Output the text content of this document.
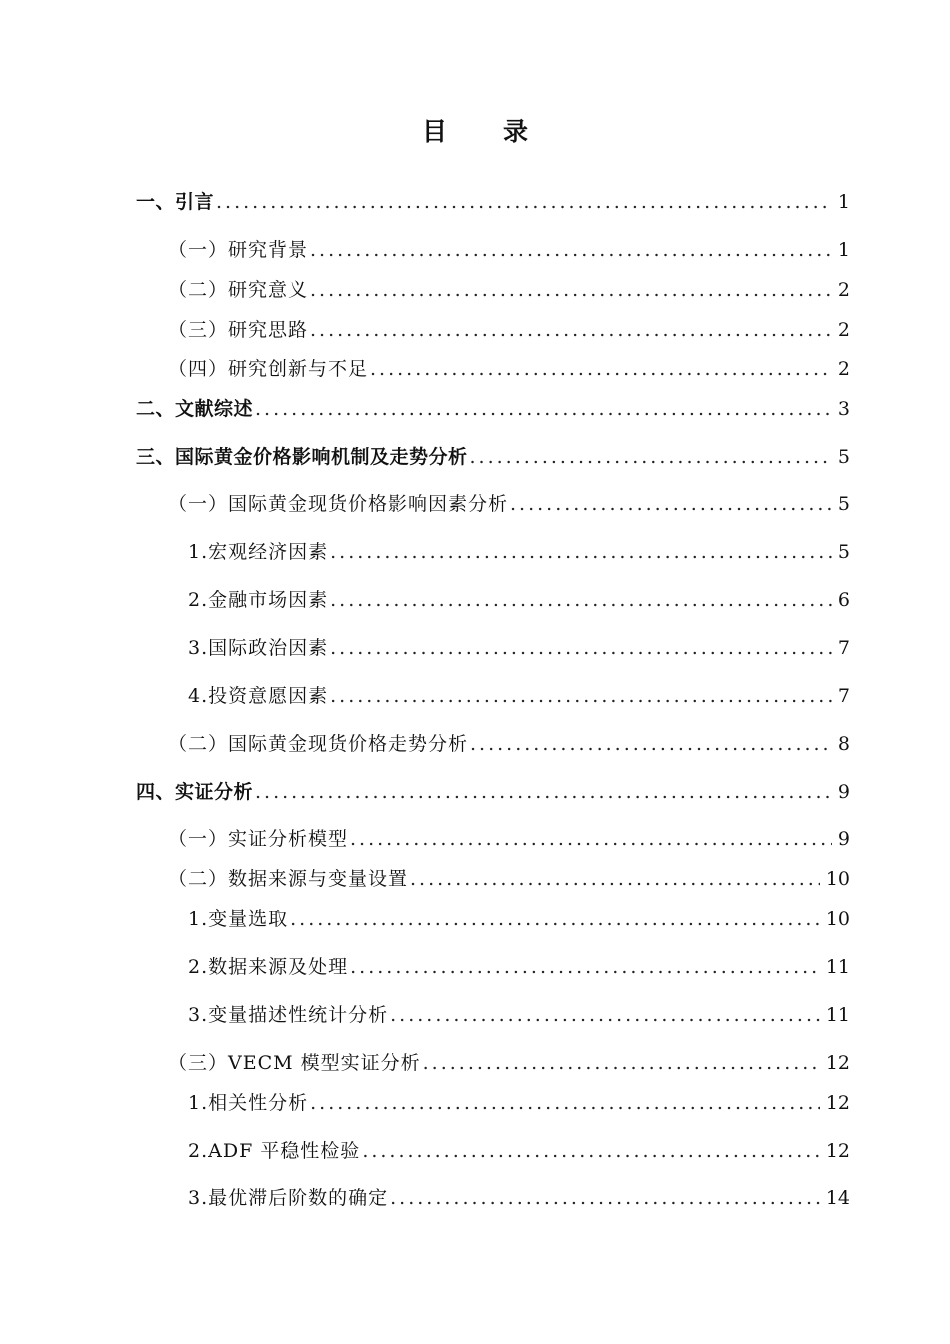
目 录
一、引言 .....	1
（一）研究背景 .....	1
（二）研究意义 .....	2
（三）研究思路 .....	2
（四）研究创新与不足 .....	2
二、文献综述 .....	3
三、国际黄金价格影响机制及走势分析 .....	5
（一）国际黄金现货价格影响因素分析 .....	5
1.宏观经济因素 .....	5
2.金融市场因素 .....	6
3.国际政治因素 .....	7
4.投资意愿因素 .....	7
（二）国际黄金现货价格走势分析 .....	8
四、实证分析 .....	9
（一）实证分析模型 .....	9
（二）数据来源与变量设置 .....	10
1.变量选取 .....	10
2.数据来源及处理 .....	11
3.变量描述性统计分析 .....	11
（三）VECM 模型实证分析 .....	12
1.相关性分析 .....	12
2.ADF 平稳性检验 .....	12
3.最优滞后阶数的确定 .....	14
